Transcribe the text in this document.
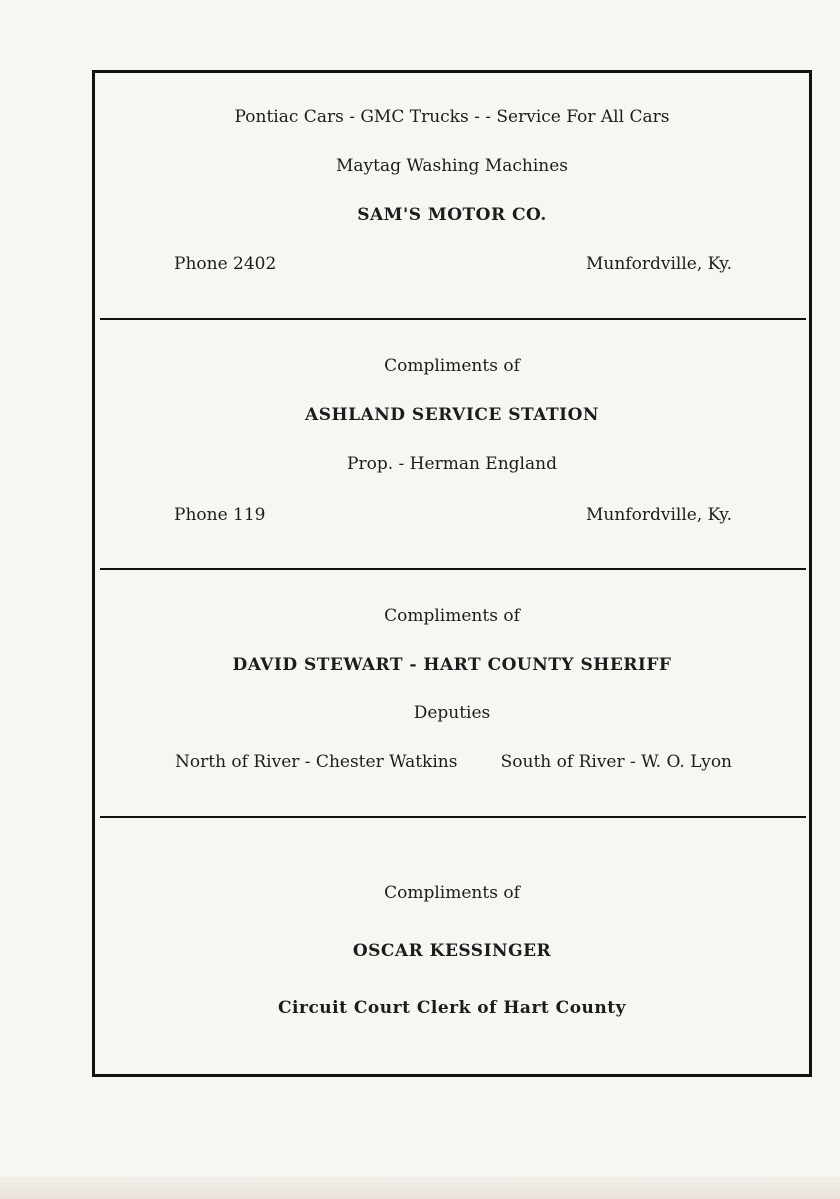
Pontiac Cars - GMC Trucks - - Service For All Cars
Maytag Washing Machines
SAM'S MOTOR CO.
Phone 2402	Munfordville, Ky.
Compliments of
ASHLAND SERVICE STATION
Prop. - Herman England
Phone 119	Munfordville, Ky.
Compliments of
DAVID STEWART - HART COUNTY SHERIFF
Deputies
North of River - Chester Watkins	South of River - W. O. Lyon
Compliments of
OSCAR KESSINGER
Circuit Court Clerk of Hart County
